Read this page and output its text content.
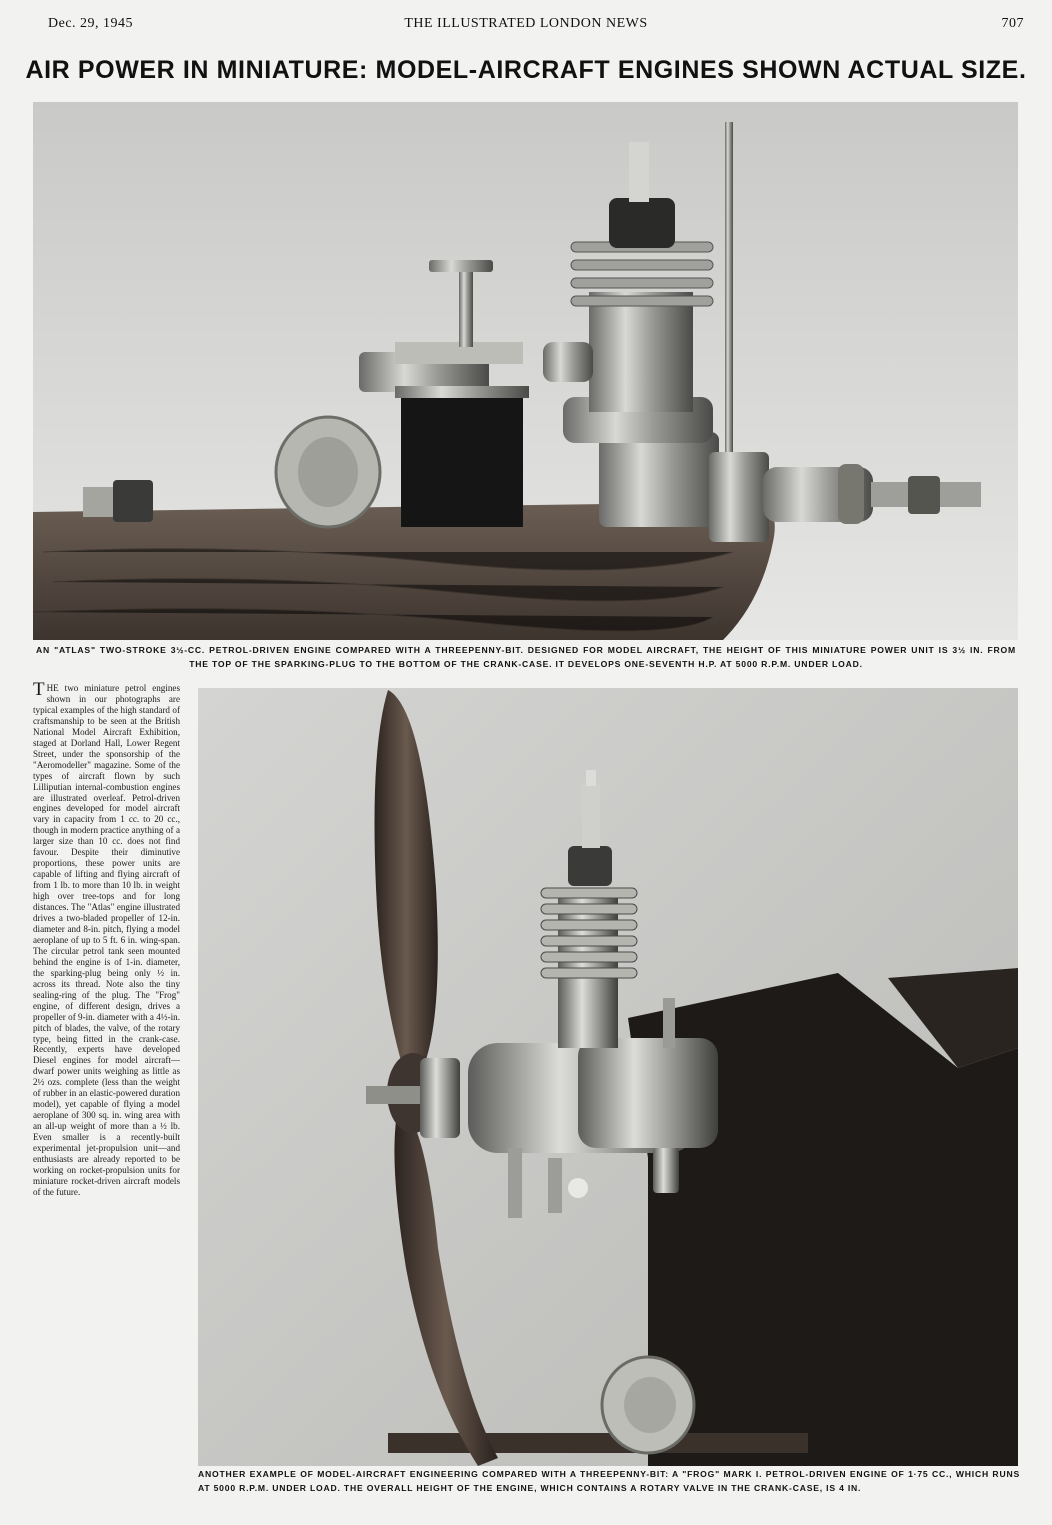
Dec. 29, 1945	THE ILLUSTRATED LONDON NEWS	707
AIR POWER IN MINIATURE: MODEL-AIRCRAFT ENGINES SHOWN ACTUAL SIZE.

AN "ATLAS" TWO-STROKE 3½-CC. PETROL-DRIVEN ENGINE COMPARED WITH A THREEPENNY-BIT. DESIGNED FOR MODEL AIRCRAFT, THE HEIGHT OF THIS MINIATURE POWER UNIT IS 3½ IN. FROM THE TOP OF THE SPARKING-PLUG TO THE BOTTOM OF THE CRANK-CASE. IT DEVELOPS ONE-SEVENTH H.P. AT 5000 R.P.M. UNDER LOAD.

THE two miniature petrol engines shown in our photographs are typical examples of the high standard of craftsmanship to be seen at the British National Model Aircraft Exhibition, staged at Dorland Hall, Lower Regent Street, under the sponsorship of the "Aeromodeller" magazine. Some of the types of aircraft flown by such Lilliputian internal-combustion engines are illustrated overleaf. Petrol-driven engines developed for model aircraft vary in capacity from 1 cc. to 20 cc., though in modern practice anything of a larger size than 10 cc. does not find favour. Despite their diminutive proportions, these power units are capable of lifting and flying aircraft of from 1 lb. to more than 10 lb. in weight high over tree-tops and for long distances. The "Atlas" engine illustrated drives a two-bladed propeller of 12-in. diameter and 8-in. pitch, flying a model aeroplane of up to 5 ft. 6 in. wing-span. The circular petrol tank seen mounted behind the engine is of 1-in. diameter, the sparking-plug being only ½ in. across its thread. Note also the tiny sealing-ring of the plug. The "Frog" engine, of different design, drives a propeller of 9-in. diameter with a 4½-in. pitch of blades, the valve, of the rotary type, being fitted in the crank-case. Recently, experts have developed Diesel engines for model aircraft—dwarf power units weighing as little as 2½ ozs. complete (less than the weight of rubber in an elastic-powered duration model), yet capable of flying a model aeroplane of 300 sq. in. wing area with an all-up weight of more than a ½ lb. Even smaller is a recently-built experimental jet-propulsion unit—and enthusiasts are already reported to be working on rocket-propulsion units for miniature rocket-driven aircraft models of the future.

ANOTHER EXAMPLE OF MODEL-AIRCRAFT ENGINEERING COMPARED WITH A THREEPENNY-BIT: A "FROG" MARK I. PETROL-DRIVEN ENGINE OF 1·75 CC., WHICH RUNS AT 5000 R.P.M. UNDER LOAD. THE OVERALL HEIGHT OF THE ENGINE, WHICH CONTAINS A ROTARY VALVE IN THE CRANK-CASE, IS 4 IN.
